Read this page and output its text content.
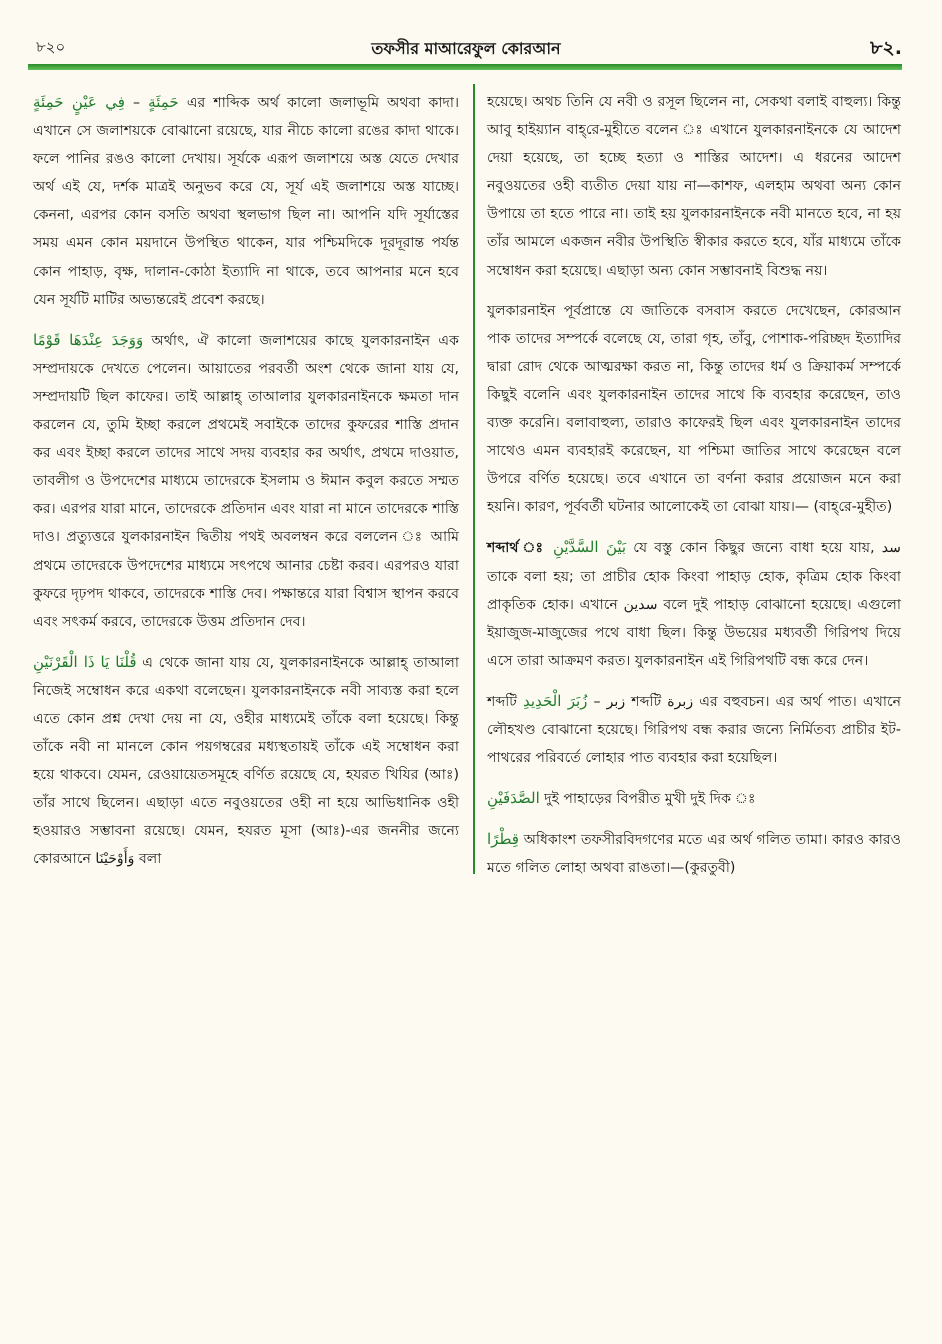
৮২০	তফসীর মাআরেফুল কোরআন	৮২.

فِي عَيْنٍ حَمِئَةٍ – حَمِئَةٍ এর শাব্দিক অর্থ কালো জলাভূমি অথবা কাদা। এখানে সে জলাশয়কে বোঝানো রয়েছে, যার নীচে কালো রঙের কাদা থাকে। ফলে পানির রঙও কালো দেখায়। সূর্যকে এরূপ জলাশয়ে অস্ত যেতে দেখার অর্থ এই যে, দর্শক মাত্রই অনুভব করে যে, সূর্য এই জলাশয়ে অস্ত যাচ্ছে। কেননা, এরপর কোন বসতি অথবা স্থলভাগ ছিল না। আপনি যদি সূর্যাস্তের সময় এমন কোন ময়দানে উপস্থিত থাকেন, যার পশ্চিমদিকে দূরদূরান্ত পর্যন্ত কোন পাহাড়, বৃক্ষ, দালান-কোঠা ইত্যাদি না থাকে, তবে আপনার মনে হবে যেন সূর্যটি মাটির অভ্যন্তরেই প্রবেশ করছে।

وَوَجَدَ عِنْدَهَا قَوْمًا অর্থাৎ, ঐ কালো জলাশয়ের কাছে যুলকারনাইন এক সম্প্রদায়কে দেখতে পেলেন। আয়াতের পরবর্তী অংশ থেকে জানা যায় যে, সম্প্রদায়টি ছিল কাফের। তাই আল্লাহ্ তাআলার যুলকারনাইনকে ক্ষমতা দান করলেন যে, তুমি ইচ্ছা করলে প্রথমেই সবাইকে তাদের কুফরের শাস্তি প্রদান কর এবং ইচ্ছা করলে তাদের সাথে সদয় ব্যবহার কর অর্থাৎ, প্রথমে দাওয়াত, তাবলীগ ও উপদেশের মাধ্যমে তাদেরকে ইসলাম ও ঈমান কবুল করতে সম্মত কর। এরপর যারা মানে, তাদেরকে প্রতিদান এবং যারা না মানে তাদেরকে শাস্তি দাও। প্রত্যুত্তরে যুলকারনাইন দ্বিতীয় পথই অবলম্বন করে বললেন ঃ আমি প্রথমে তাদেরকে উপদেশের মাধ্যমে সৎপথে আনার চেষ্টা করব। এরপরও যারা কুফরে দৃঢ়পদ থাকবে, তাদেরকে শাস্তি দেব। পক্ষান্তরে যারা বিশ্বাস স্থাপন করবে এবং সৎকর্ম করবে, তাদেরকে উত্তম প্রতিদান দেব।

قُلْنَا يَا ذَا الْقَرْنَيْنِ এ থেকে জানা যায় যে, যুলকারনাইনকে আল্লাহ্ তাআলা নিজেই সম্বোধন করে একথা বলেছেন। যুলকারনাইনকে নবী সাব্যস্ত করা হলে এতে কোন প্রশ্ন দেখা দেয় না যে, ওহীর মাধ্যমেই তাঁকে বলা হয়েছে। কিন্তু তাঁকে নবী না মানলে কোন পয়গম্বরের মধ্যস্থতায়ই তাঁকে এই সম্বোধন করা হয়ে থাকবে। যেমন, রেওয়ায়েতসমূহে বর্ণিত রয়েছে যে, হযরত খিযির (আঃ) তাঁর সাথে ছিলেন। এছাড়া এতে নবুওয়তের ওহী না হয়ে আভিধানিক ওহী হওয়ারও সম্ভাবনা রয়েছে। যেমন, হযরত মূসা (আঃ)-এর জননীর জন্যে কোরআনে وَأَوْحَيْنَا বলা

হয়েছে। অথচ তিনি যে নবী ও রসূল ছিলেন না, সেকথা বলাই বাহুল্য। কিন্তু আবু হাইয়্যান বাহ্‌রে-মুহীতে বলেন ঃ এখানে যুলকারনাইনকে যে আদেশ দেয়া হয়েছে, তা হচ্ছে হত্যা ও শাস্তির আদেশ। এ ধরনের আদেশ নবুওয়তের ওহী ব্যতীত দেয়া যায় না—কাশফ, এলহাম অথবা অন্য কোন উপায়ে তা হতে পারে না। তাই হয় যুলকারনাইনকে নবী মানতে হবে, না হয় তাঁর আমলে একজন নবীর উপস্থিতি স্বীকার করতে হবে, যাঁর মাধ্যমে তাঁকে সম্বোধন করা হয়েছে। এছাড়া অন্য কোন সম্ভাবনাই বিশুদ্ধ নয়।

যুলকারনাইন পূর্বপ্রান্তে যে জাতিকে বসবাস করতে দেখেছেন, কোরআন পাক তাদের সম্পর্কে বলেছে যে, তারা গৃহ, তাঁবু, পোশাক-পরিচ্ছদ ইত্যাদির দ্বারা রোদ থেকে আত্মরক্ষা করত না, কিন্তু তাদের ধর্ম ও ক্রিয়াকর্ম সম্পর্কে কিছুই বলেনি এবং যুলকারনাইন তাদের সাথে কি ব্যবহার করেছেন, তাও ব্যক্ত করেনি। বলাবাহুল্য, তারাও কাফেরই ছিল এবং যুলকারনাইন তাদের সাথেও এমন ব্যবহারই করেছেন, যা পশ্চিমা জাতির সাথে করেছেন বলে উপরে বর্ণিত হয়েছে। তবে এখানে তা বর্ণনা করার প্রয়োজন মনে করা হয়নি। কারণ, পূর্ববর্তী ঘটনার আলোকেই তা বোঝা যায়।— (বাহ্‌রে-মুহীত)

শব্দার্থ ঃ بَيْنَ السَّدَّيْنِ যে বস্তু কোন কিছুর জন্যে বাধা হয়ে যায়, سد তাকে বলা হয়; তা প্রাচীর হোক কিংবা পাহাড় হোক, কৃত্রিম হোক কিংবা প্রাকৃতিক হোক। এখানে سدين বলে দুই পাহাড় বোঝানো হয়েছে। এগুলো ইয়াজুজ-মাজুজের পথে বাধা ছিল। কিন্তু উভয়ের মধ্যবর্তী গিরিপথ দিয়ে এসে তারা আক্রমণ করত। যুলকারনাইন এই গিরিপথটি বন্ধ করে দেন।

শব্দটি زُبَرَ الْحَدِيدِ – زبر শব্দটি زبرة এর বহুবচন। এর অর্থ পাত। এখানে লৌহখণ্ড বোঝানো হয়েছে। গিরিপথ বন্ধ করার জন্যে নির্মিতব্য প্রাচীর ইট-পাথরের পরিবর্তে লোহার পাত ব্যবহার করা হয়েছিল।

الصَّدَفَيْنِ দুই পাহাড়ের বিপরীত মুখী দুই দিক ঃ

قِطْرًا অধিকাংশ তফসীরবিদগণের মতে এর অর্থ গলিত তামা। কারও কারও মতে গলিত লোহা অথবা রাঙতা।—(কুরতুবী)
